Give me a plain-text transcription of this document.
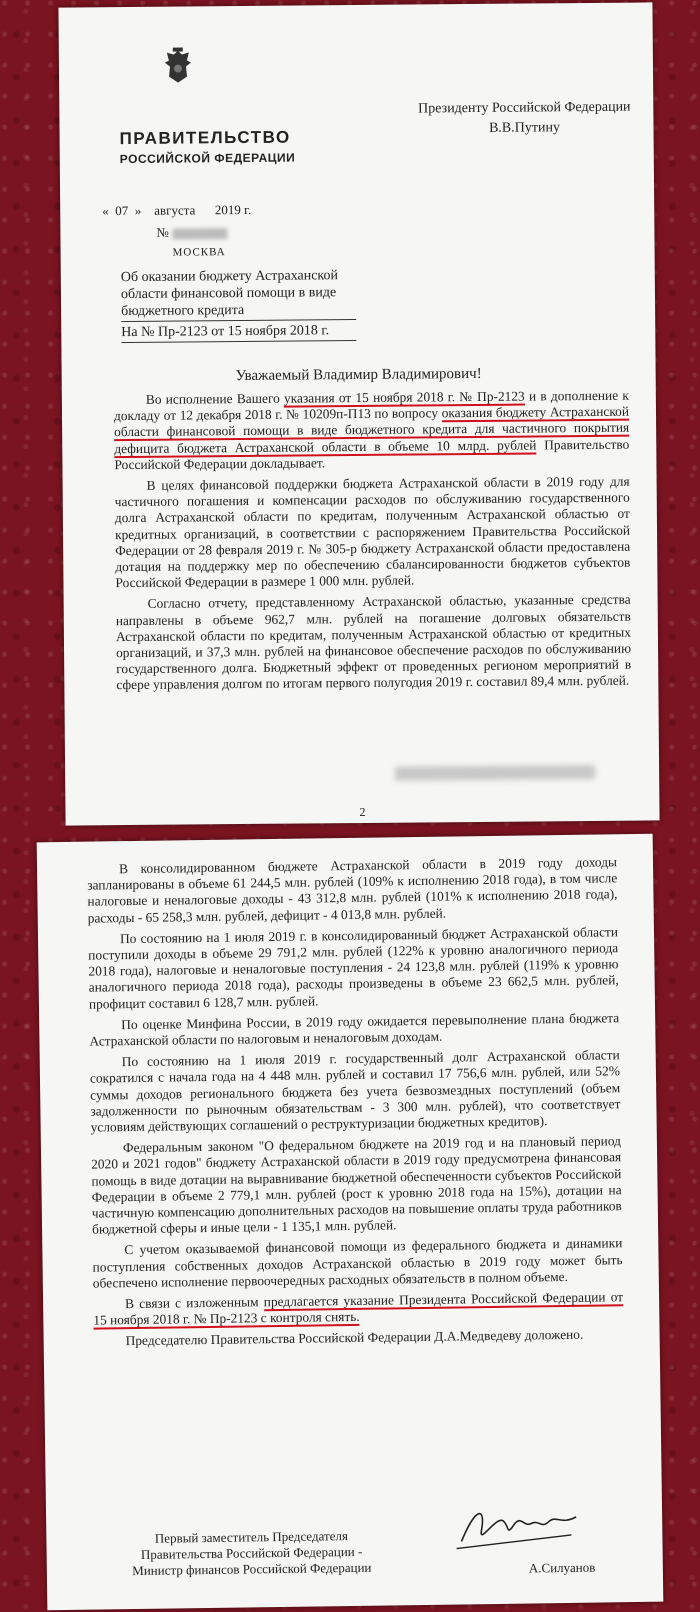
ПРАВИТЕЛЬСТВО
РОССИЙСКОЙ ФЕДЕРАЦИИ
Президенту Российской Федерации
В.В.Путину
«  07  »    августа      2019 г.
№
МОСКВА
Об оказании бюджету Астраханской области финансовой помощи в виде бюджетного кредита
На № Пр-2123 от 15 ноября 2018 г.
Уважаемый Владимир Владимирович!

Во исполнение Вашего указания от 15 ноября 2018 г. № Пр-2123 и в дополнение к докладу от 12 декабря 2018 г. № 10209п-П13 по вопросу оказания бюджету Астраханской области финансовой помощи в виде бюджетного кредита для частичного покрытия дефицита бюджета Астраханской области в объеме 10 млрд. рублей Правительство Российской Федерации докладывает.

В целях финансовой поддержки бюджета Астраханской области в 2019 году для частичного погашения и компенсации расходов по обслуживанию государственного долга Астраханской области по кредитам, полученным Астраханской областью от кредитных организаций, в соответствии с распоряжением Правительства Российской Федерации от 28 февраля 2019 г. № 305-р бюджету Астраханской области предоставлена дотация на поддержку мер по обеспечению сбалансированности бюджетов субъектов Российской Федерации в размере 1 000 млн. рублей.

Согласно отчету, представленному Астраханской областью, указанные средства направлены в объеме 962,7 млн. рублей на погашение долговых обязательств Астраханской области по кредитам, полученным Астраханской областью от кредитных организаций, и 37,3 млн. рублей на финансовое обеспечение расходов по обслуживанию государственного долга. Бюджетный эффект от проведенных регионом мероприятий в сфере управления долгом по итогам первого полугодия 2019 г. составил 89,4 млн. рублей.

2

В консолидированном бюджете Астраханской области в 2019 году доходы запланированы в объеме 61 244,5 млн. рублей (109% к исполнению 2018 года), в том числе налоговые и неналоговые доходы - 43 312,8 млн. рублей (101% к исполнению 2018 года), расходы - 65 258,3 млн. рублей, дефицит - 4 013,8 млн. рублей.

По состоянию на 1 июля 2019 г. в консолидированный бюджет Астраханской области поступили доходы в объеме 29 791,2 млн. рублей (122% к уровню аналогичного периода 2018 года), налоговые и неналоговые поступления - 24 123,8 млн. рублей (119% к уровню аналогичного периода 2018 года), расходы произведены в объеме 23 662,5 млн. рублей, профицит составил 6 128,7 млн. рублей.

По оценке Минфина России, в 2019 году ожидается перевыполнение плана бюджета Астраханской области по налоговым и неналоговым доходам.

По состоянию на 1 июля 2019 г. государственный долг Астраханской области сократился с начала года на 4 448 млн. рублей и составил 17 756,6 млн. рублей, или 52% суммы доходов регионального бюджета без учета безвозмездных поступлений (объем задолженности по рыночным обязательствам - 3 300 млн. рублей), что соответствует условиям действующих соглашений о реструктуризации бюджетных кредитов).

Федеральным законом "О федеральном бюджете на 2019 год и на плановый период 2020 и 2021 годов" бюджету Астраханской области в 2019 году предусмотрена финансовая помощь в виде дотации на выравнивание бюджетной обеспеченности субъектов Российской Федерации в объеме 2 779,1 млн. рублей (рост к уровню 2018 года на 15%), дотации на частичную компенсацию дополнительных расходов на повышение оплаты труда работников бюджетной сферы и иные цели - 1 135,1 млн. рублей.

С учетом оказываемой финансовой помощи из федерального бюджета и динамики поступления собственных доходов Астраханской областью в 2019 году может быть обеспечено исполнение первоочередных расходных обязательств в полном объеме.

В связи с изложенным предлагается указание Президента Российской Федерации от 15 ноября 2018 г. № Пр-2123 с контроля снять.

Председателю Правительства Российской Федерации Д.А.Медведеву доложено.

Первый заместитель Председателя
Правительства Российской Федерации -
Министр финансов Российской Федерации	А.Силуанов
